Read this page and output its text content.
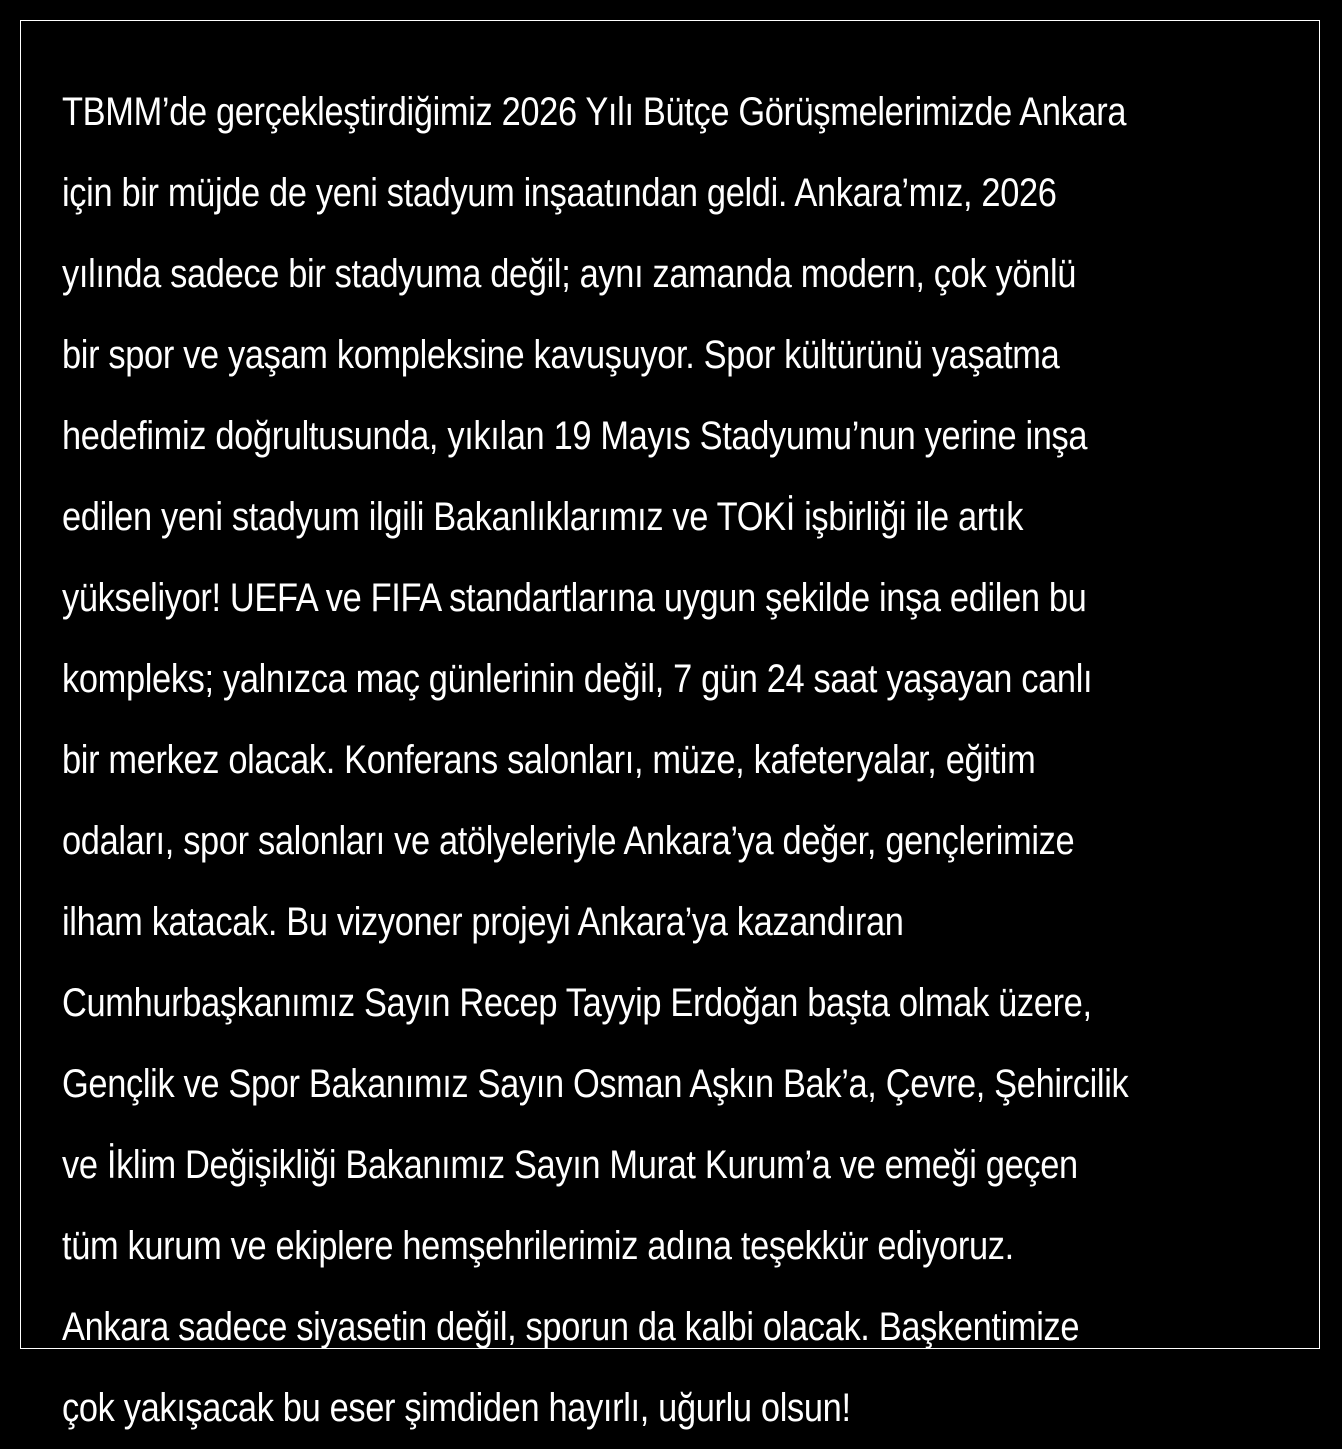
TBMM’de gerçekleştirdiğimiz 2026 Yılı Bütçe Görüşmelerimizde Ankara
için bir müjde de yeni stadyum inşaatından geldi. Ankara’mız, 2026
yılında sadece bir stadyuma değil; aynı zamanda modern, çok yönlü
bir spor ve yaşam kompleksine kavuşuyor. Spor kültürünü yaşatma
hedefimiz doğrultusunda, yıkılan 19 Mayıs Stadyumu’nun yerine inşa
edilen yeni stadyum ilgili Bakanlıklarımız ve TOKİ işbirliği ile artık
yükseliyor! UEFA ve FIFA standartlarına uygun şekilde inşa edilen bu
kompleks; yalnızca maç günlerinin değil, 7 gün 24 saat yaşayan canlı
bir merkez olacak. Konferans salonları, müze, kafeteryalar, eğitim
odaları, spor salonları ve atölyeleriyle Ankara’ya değer, gençlerimize
ilham katacak. Bu vizyoner projeyi Ankara’ya kazandıran
Cumhurbaşkanımız Sayın Recep Tayyip Erdoğan başta olmak üzere,
Gençlik ve Spor Bakanımız Sayın Osman Aşkın Bak’a, Çevre, Şehircilik
ve İklim Değişikliği Bakanımız Sayın Murat Kurum’a ve emeği geçen
tüm kurum ve ekiplere hemşehrilerimiz adına teşekkür ediyoruz.
Ankara sadece siyasetin değil, sporun da kalbi olacak. Başkentimize
çok yakışacak bu eser şimdiden hayırlı, uğurlu olsun!
